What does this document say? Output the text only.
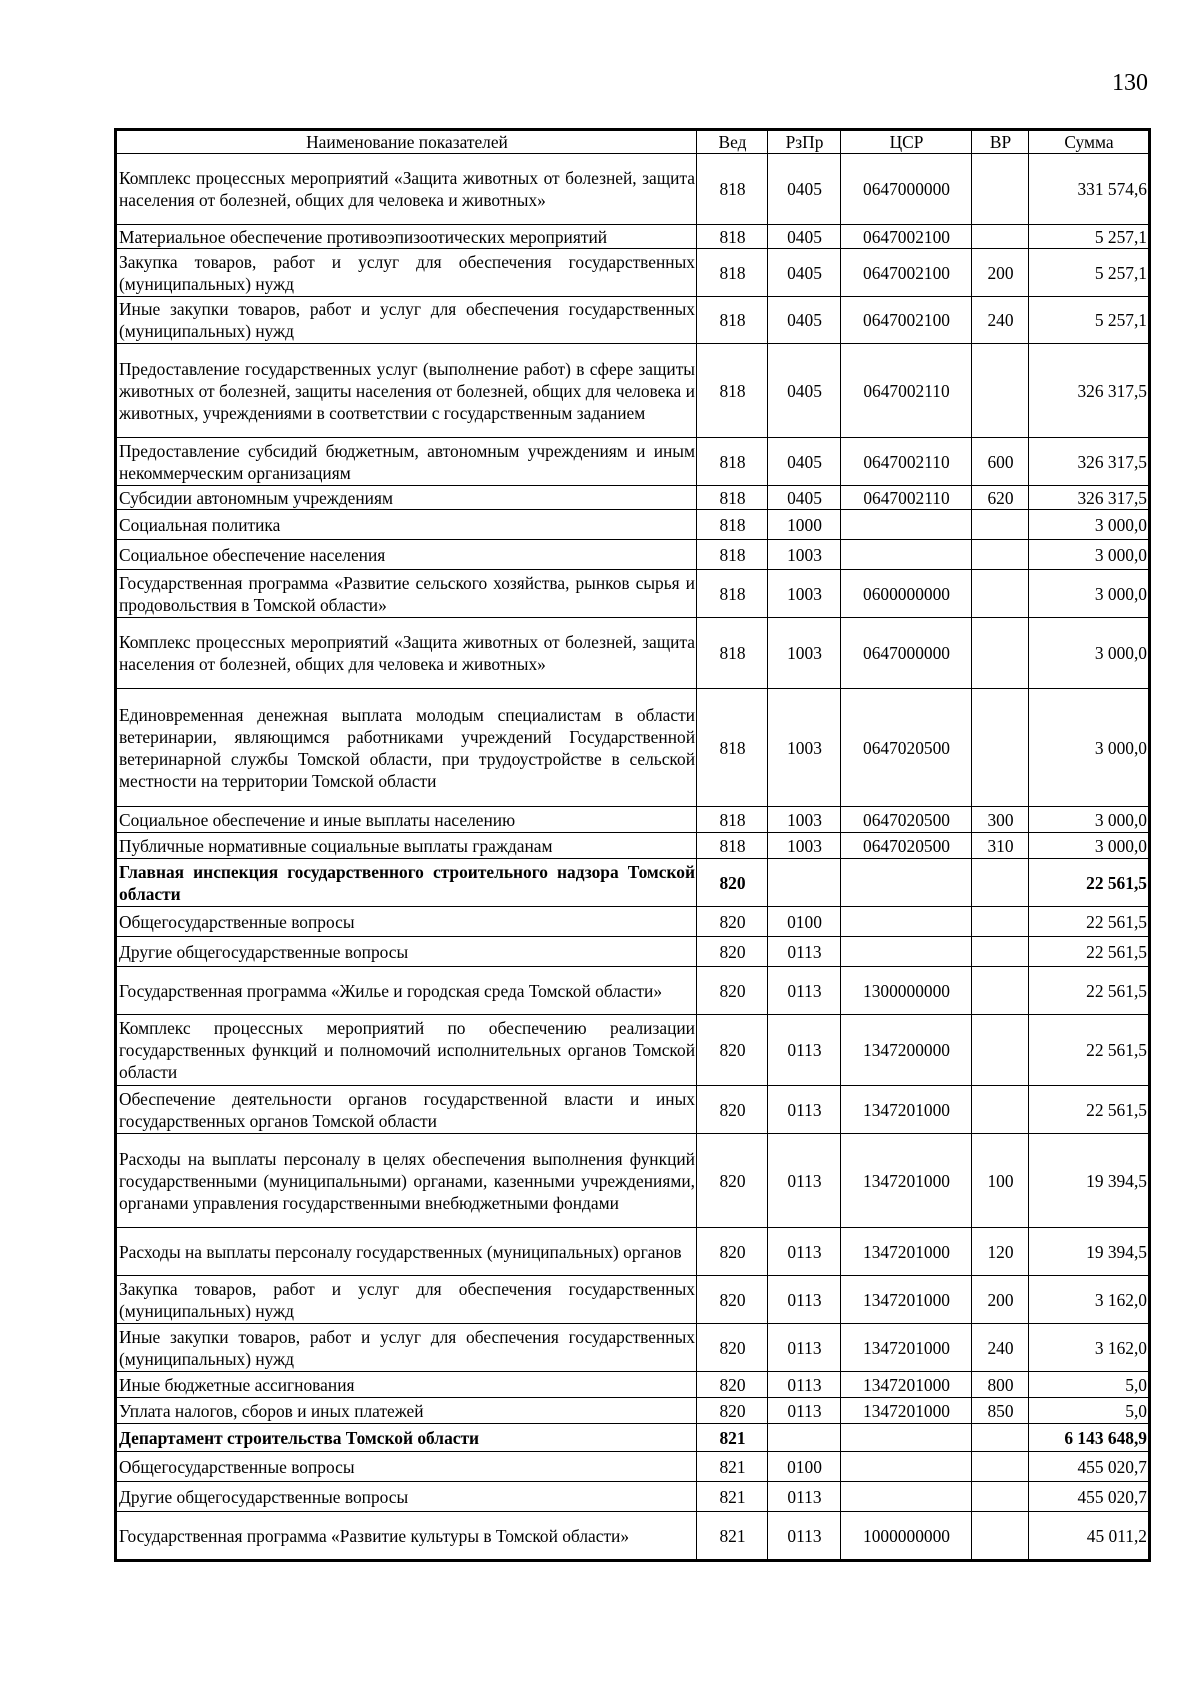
130
Наименование показателей	Вед	РзПр	ЦСР	ВР	Сумма
Комплекс процессных мероприятий «Защита животных от болезней, защита населения от болезней, общих для человека и животных»	818	0405	0647000000		331 574,6
Материальное обеспечение противоэпизоотических мероприятий	818	0405	0647002100		5 257,1
Закупка товаров, работ и услуг для обеспечения государственных (муниципальных) нужд	818	0405	0647002100	200	5 257,1
Иные закупки товаров, работ и услуг для обеспечения государственных (муниципальных) нужд	818	0405	0647002100	240	5 257,1
Предоставление государственных услуг (выполнение работ) в сфере защиты животных от болезней, защиты населения от болезней, общих для человека и животных, учреждениями в соответствии с государственным заданием	818	0405	0647002110		326 317,5
Предоставление субсидий бюджетным, автономным учреждениям и иным некоммерческим организациям	818	0405	0647002110	600	326 317,5
Субсидии автономным учреждениям	818	0405	0647002110	620	326 317,5
Социальная политика	818	1000			3 000,0
Социальное обеспечение населения	818	1003			3 000,0
Государственная программа «Развитие сельского хозяйства, рынков сырья и продовольствия в Томской области»	818	1003	0600000000		3 000,0
Комплекс процессных мероприятий «Защита животных от болезней, защита населения от болезней, общих для человека и животных»	818	1003	0647000000		3 000,0
Единовременная денежная выплата молодым специалистам в области ветеринарии, являющимся работниками учреждений Государственной ветеринарной службы Томской области, при трудоустройстве в сельской местности на территории Томской области	818	1003	0647020500		3 000,0
Социальное обеспечение и иные выплаты населению	818	1003	0647020500	300	3 000,0
Публичные нормативные социальные выплаты гражданам	818	1003	0647020500	310	3 000,0
Главная инспекция государственного строительного надзора Томской области	820				22 561,5
Общегосударственные вопросы	820	0100			22 561,5
Другие общегосударственные вопросы	820	0113			22 561,5
Государственная программа «Жилье и городская среда Томской области»	820	0113	1300000000		22 561,5
Комплекс процессных мероприятий по обеспечению реализации государственных функций и полномочий исполнительных органов Томской области	820	0113	1347200000		22 561,5
Обеспечение деятельности органов государственной власти и иных государственных органов Томской области	820	0113	1347201000		22 561,5
Расходы на выплаты персоналу в целях обеспечения выполнения функций государственными (муниципальными) органами, казенными учреждениями, органами управления государственными внебюджетными фондами	820	0113	1347201000	100	19 394,5
Расходы на выплаты персоналу государственных (муниципальных) органов	820	0113	1347201000	120	19 394,5
Закупка товаров, работ и услуг для обеспечения государственных (муниципальных) нужд	820	0113	1347201000	200	3 162,0
Иные закупки товаров, работ и услуг для обеспечения государственных (муниципальных) нужд	820	0113	1347201000	240	3 162,0
Иные бюджетные ассигнования	820	0113	1347201000	800	5,0
Уплата налогов, сборов и иных платежей	820	0113	1347201000	850	5,0
Департамент строительства Томской области	821				6 143 648,9
Общегосударственные вопросы	821	0100			455 020,7
Другие общегосударственные вопросы	821	0113			455 020,7
Государственная программа «Развитие культуры в Томской области»	821	0113	1000000000		45 011,2
